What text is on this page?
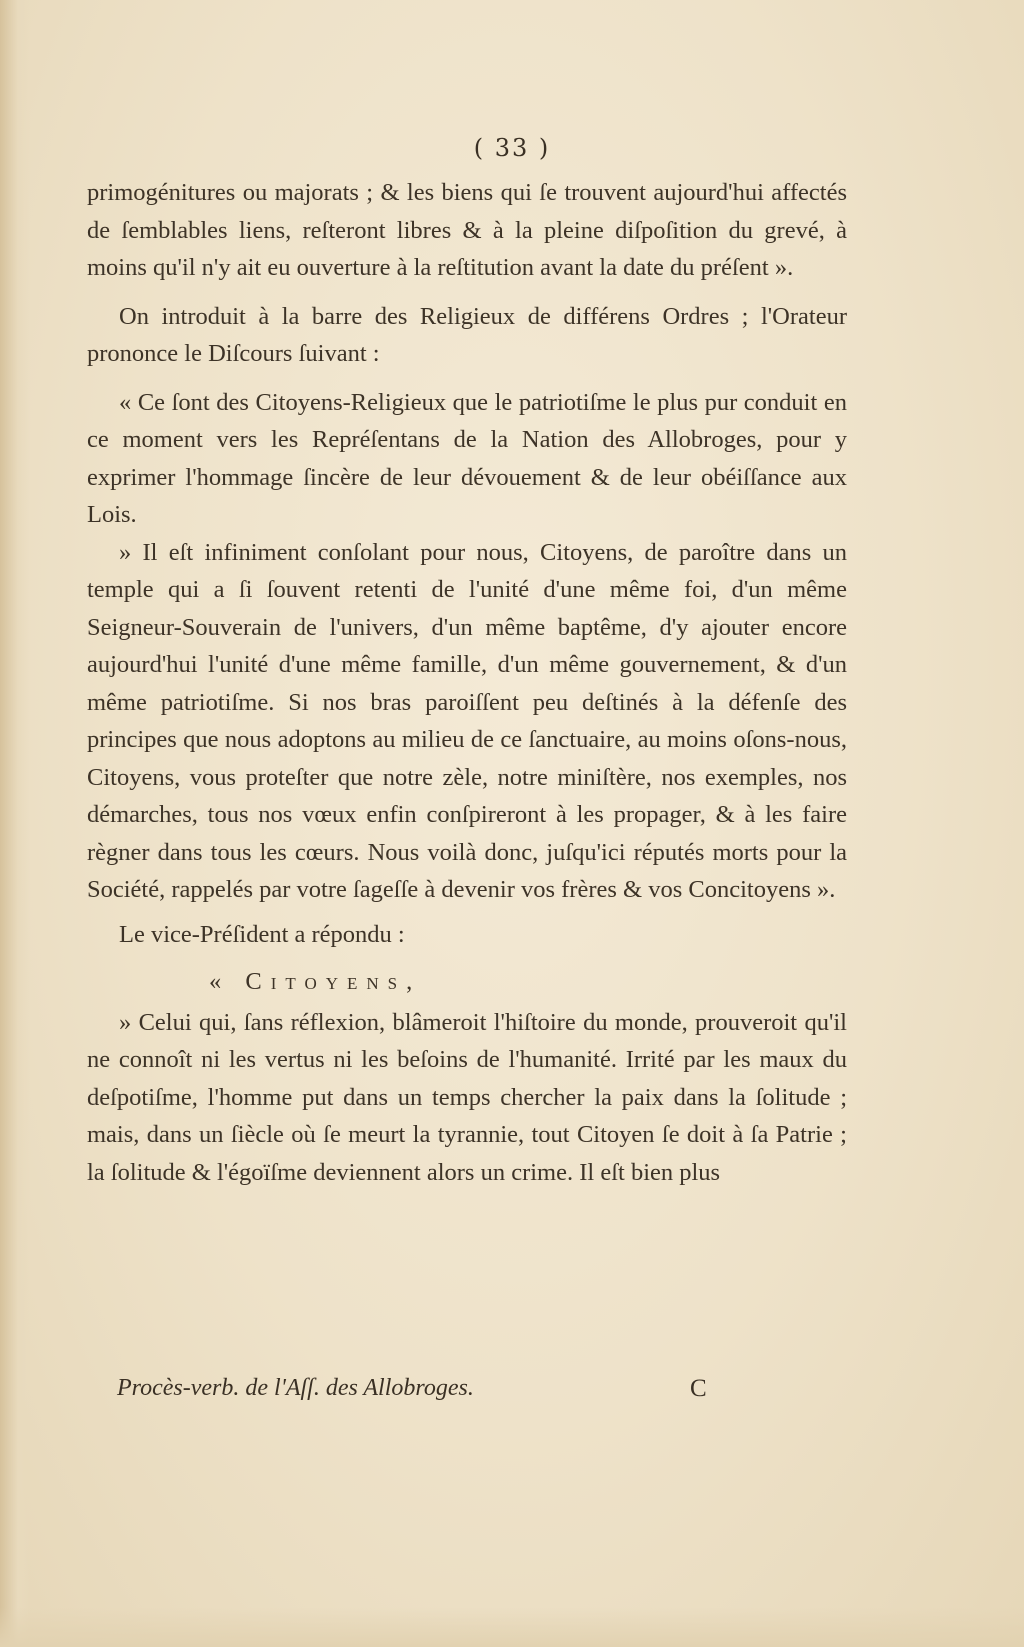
( 33 )

primogénitures ou majorats ; & les biens qui ſe trouvent aujourd'hui affectés de ſemblables liens, reſteront libres & à la pleine diſpoſition du grevé, à moins qu'il n'y ait eu ouverture à la reſtitution avant la date du préſent ».

On introduit à la barre des Religieux de différens Ordres ; l'Orateur prononce le Diſcours ſuivant :

« Ce ſont des Citoyens-Religieux que le patriotiſme le plus pur conduit en ce moment vers les Repréſentans de la Nation des Allobroges, pour y exprimer l'hommage ſincère de leur dévouement & de leur obéiſſance aux Lois.

» Il eſt infiniment conſolant pour nous, Citoyens, de paroître dans un temple qui a ſi ſouvent retenti de l'unité d'une même foi, d'un même Seigneur-Souverain de l'univers, d'un même baptême, d'y ajouter encore aujourd'hui l'unité d'une même famille, d'un même gouvernement, & d'un même patriotiſme. Si nos bras paroiſſent peu deſtinés à la défenſe des principes que nous adoptons au milieu de ce ſanctuaire, au moins oſons-nous, Citoyens, vous proteſter que notre zèle, notre miniſtère, nos exemples, nos démarches, tous nos vœux enfin conſpireront à les propager, & à les faire règner dans tous les cœurs. Nous voilà donc, juſqu'ici réputés morts pour la Société, rappelés par votre ſageſſe à devenir vos frères & vos Concitoyens ».

Le vice-Préſident a répondu :

« Citoyens,

» Celui qui, ſans réflexion, blâmeroit l'hiſtoire du monde, prouveroit qu'il ne connoît ni les vertus ni les beſoins de l'humanité. Irrité par les maux du deſpotiſme, l'homme put dans un temps chercher la paix dans la ſolitude ; mais, dans un ſiècle où ſe meurt la tyrannie, tout Citoyen ſe doit à ſa Patrie ; la ſolitude & l'égoïſme deviennent alors un crime. Il eſt bien plus

Procès-verb. de l'Aſſ. des Allobroges.	C
